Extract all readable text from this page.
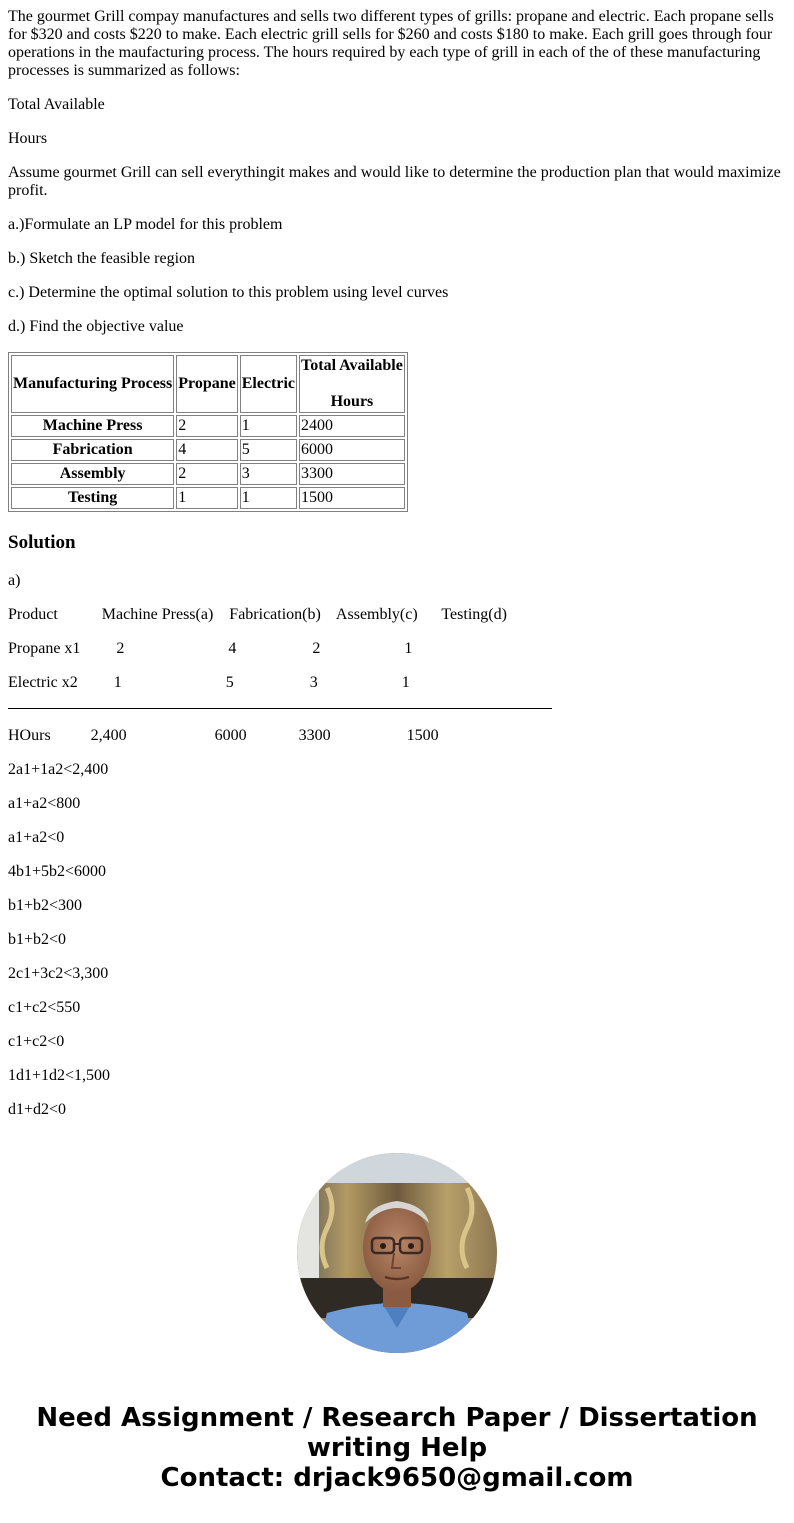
The gourmet Grill compay manufactures and sells two different types of grills: propane and electric. Each propane sells for $320 and costs $220 to make. Each electric grill sells for $260 and costs $180 to make. Each grill goes through four operations in the maufacturing process. The hours required by each type of grill in each of the of these manufacturing processes is summarized as follows:

Total Available

Hours

Assume gourmet Grill can sell everythingit makes and would like to determine the production plan that would maximize profit.

a.)Formulate an LP model for this problem

b.) Sketch the feasible region

c.) Determine the optimal solution to this problem using level curves

d.) Find the objective value

Manufacturing Process	Propane	Electric	Total Available

Hours
Machine Press	2	1	2400
Fabrication	4	5	6000
Assembly	2	3	3300
Testing	1	1	1500
Solution

a)

Product           Machine Press(a)    Fabrication(b)    Assembly(c)      Testing(d)

Propane x1         2                          4                   2                     1

Electric x2         1                          5                   3                     1

HOurs          2,400                      6000             3300                   1500

2a1+1a2<2,400

a1+a2<800

a1+a2<0

4b1+5b2<6000

b1+b2<300

b1+b2<0

2c1+3c2<3,300

c1+c2<550

c1+c2<0

1d1+1d2<1,500

d1+d2<0

Need Assignment / Research Paper / Dissertation
writing Help
Contact: drjack9650@gmail.com
